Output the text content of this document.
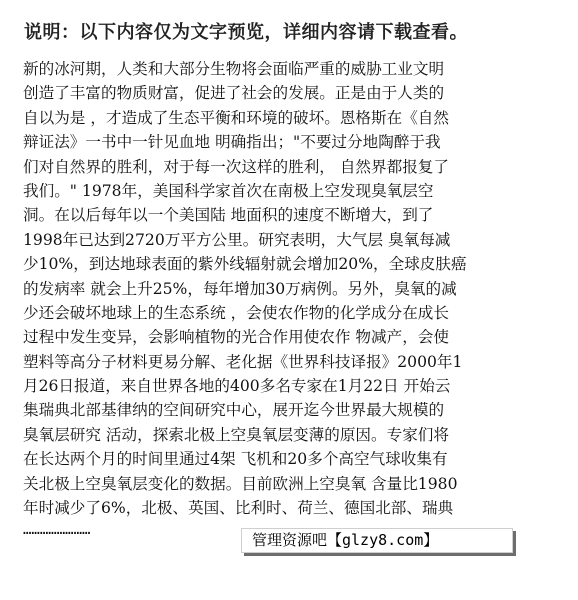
说明：以下内容仅为文字预览，详细内容请下载查看。
新的冰河期，人类和大部分生物将会面临严重的威胁工业文明
创造了丰富的物质财富，促进了社会的发展。正是由于人类的
自以为是 ，才造成了生态平衡和环境的破坏。恩格斯在《自然
辩证法》一书中一针见血地 明确指出；"不要过分地陶醉于我
们对自然界的胜利，对于每一次这样的胜利， 自然界都报复了
我们。" 1978年，美国科学家首次在南极上空发现臭氧层空
洞。在以后每年以一个美国陆 地面积的速度不断增大，到了
1998年已达到2720万平方公里。研究表明，大气层 臭氧每减
少10%，到达地球表面的紫外线辐射就会增加20%，全球皮肤癌
的发病率 就会上升25%，每年增加30万病例。另外，臭氧的减
少还会破坏地球上的生态系统 ，会使农作物的化学成分在成长
过程中发生变异，会影响植物的光合作用使农作 物减产，会使
塑料等高分子材料更易分解、老化据《世界科技译报》2000年1
月26日报道，来自世界各地的400多名专家在1月22日 开始云
集瑞典北部基律纳的空间研究中心，展开迄今世界最大规模的
臭氧层研究 活动，探索北极上空臭氧层变薄的原因。专家们将
在长达两个月的时间里通过4架 飞机和20多个高空气球收集有
关北极上空臭氧层变化的数据。目前欧洲上空臭氧 含量比1980
年时减少了6%，北极、英国、比利时、荷兰、德国北部、瑞典
……………………
管理资源吧【glzy8.com】
